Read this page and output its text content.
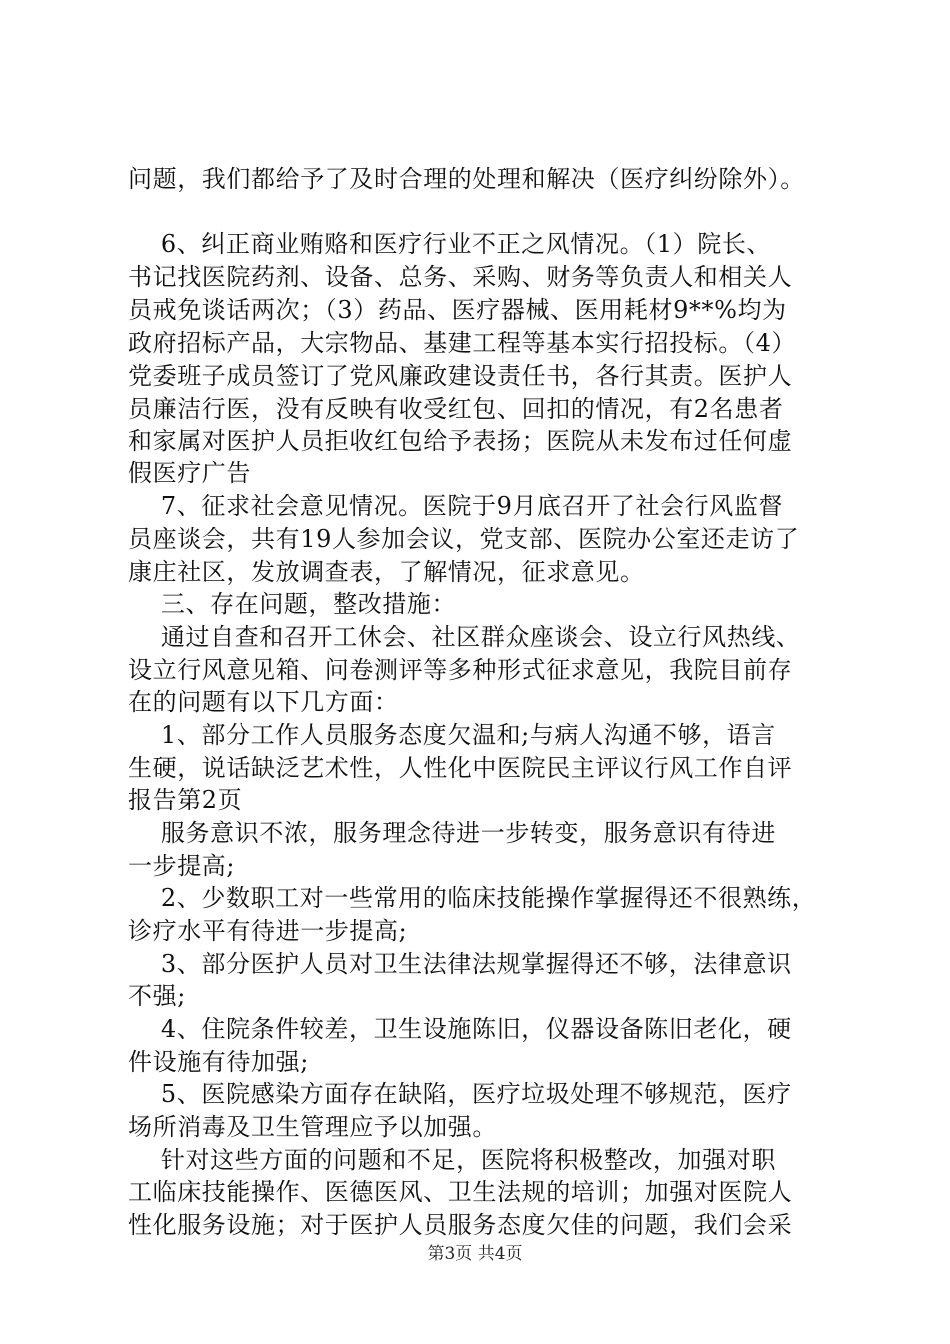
问题，我们都给予了及时合理的处理和解决（医疗纠纷除外）。
6、纠正商业贿赂和医疗行业不正之风情况。（1）院长、
书记找医院药剂、设备、总务、采购、财务等负责人和相关人
员戒免谈话两次；（3）药品、医疗器械、医用耗材9**%均为
政府招标产品，大宗物品、基建工程等基本实行招投标。（4）
党委班子成员签订了党风廉政建设责任书，各行其责。医护人
员廉洁行医，没有反映有收受红包、回扣的情况，有2名患者
和家属对医护人员拒收红包给予表扬；医院从未发布过任何虚
假医疗广告
7、征求社会意见情况。医院于9月底召开了社会行风监督
员座谈会，共有19人参加会议，党支部、医院办公室还走访了
康庄社区，发放调查表，了解情况，征求意见。
三、存在问题，整改措施：
通过自查和召开工休会、社区群众座谈会、设立行风热线、
设立行风意见箱、问卷测评等多种形式征求意见，我院目前存
在的问题有以下几方面：
1、部分工作人员服务态度欠温和;与病人沟通不够，语言
生硬，说话缺泛艺术性，人性化中医院民主评议行风工作自评
报告第2页
服务意识不浓，服务理念待进一步转变，服务意识有待进
一步提高;
2、少数职工对一些常用的临床技能操作掌握得还不很熟练，
诊疗水平有待进一步提高;
3、部分医护人员对卫生法律法规掌握得还不够，法律意识
不强;
4、住院条件较差，卫生设施陈旧，仪器设备陈旧老化，硬
件设施有待加强;
5、医院感染方面存在缺陷，医疗垃圾处理不够规范，医疗
场所消毒及卫生管理应予以加强。
针对这些方面的问题和不足，医院将积极整改，加强对职
工临床技能操作、医德医风、卫生法规的培训；加强对医院人
性化服务设施；对于医护人员服务态度欠佳的问题，我们会采
第3页 共4页
